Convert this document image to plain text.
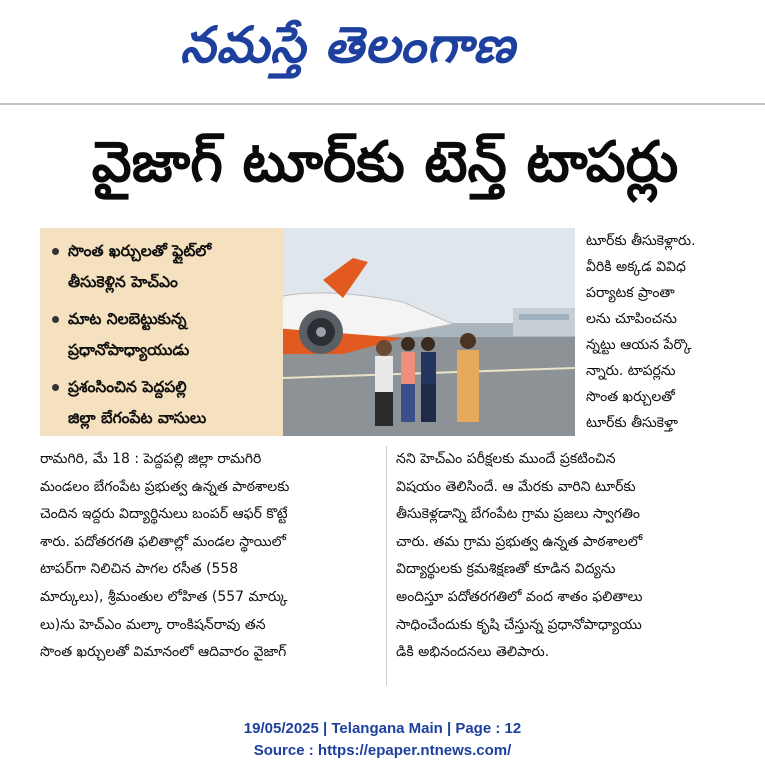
నమస్తే తెలంగాణ
వైజాగ్ టూర్‌కు టెన్త్ టాపర్లు
సొంత ఖర్చులతో ఫ్లైట్‌లో
తీసుకెళ్లిన హెచ్‌ఎం
మాట నిలబెట్టుకున్న
ప్రధానోపాధ్యాయుడు
ప్రశంసించిన పెద్దపల్లి
జిల్లా బేగంపేట వాసులు
టూర్‌కు తీసుకెళ్లారు.
వీరికి అక్కడ వివిధ
పర్యాటక ప్రాంతా
లను చూపించను
న్నట్టు ఆయన పేర్కొ
న్నారు. టాపర్లను
సొంత ఖర్చులతో
టూర్‌కు తీసుకెళ్తా
రామగిరి, మే 18 : పెద్దపల్లి జిల్లా రామగిరి
మండలం బేగంపేట ప్రభుత్వ ఉన్నత పాఠశాలకు
చెందిన ఇద్దరు విద్యార్థినులు బంపర్ ఆఫర్ కొట్టే
శారు. పదోతరగతి ఫలితాల్లో మండల స్థాయిలో
టాపర్‌గా నిలిచిన పాగల రసీత (558
మార్కులు), శ్రీమంతుల లోహిత (557 మార్కు
లు)ను హెచ్‌ఎం మల్కా రాంకిషన్‌రావు తన
సొంత ఖర్చులతో విమానంలో ఆదివారం వైజాగ్
నని హెచ్‌ఎం పరీక్షలకు ముందే ప్రకటించిన
విషయం తెలిసిందే. ఆ మేరకు వారిని టూర్‌కు
తీసుకెళ్లడాన్ని బేగంపేట గ్రామ ప్రజలు స్వాగతిం
చారు. తమ గ్రామ ప్రభుత్వ ఉన్నత పాఠశాలలో
విద్యార్థులకు క్రమశిక్షణతో కూడిన విద్యను
అందిస్తూ పదోతరగతిలో వంద శాతం ఫలితాలు
సాధించేందుకు కృషి చేస్తున్న ప్రధానోపాధ్యాయు
డికి అభినందనలు తెలిపారు.
19/05/2025 | Telangana Main | Page : 12
Source : https://epaper.ntnews.com/
